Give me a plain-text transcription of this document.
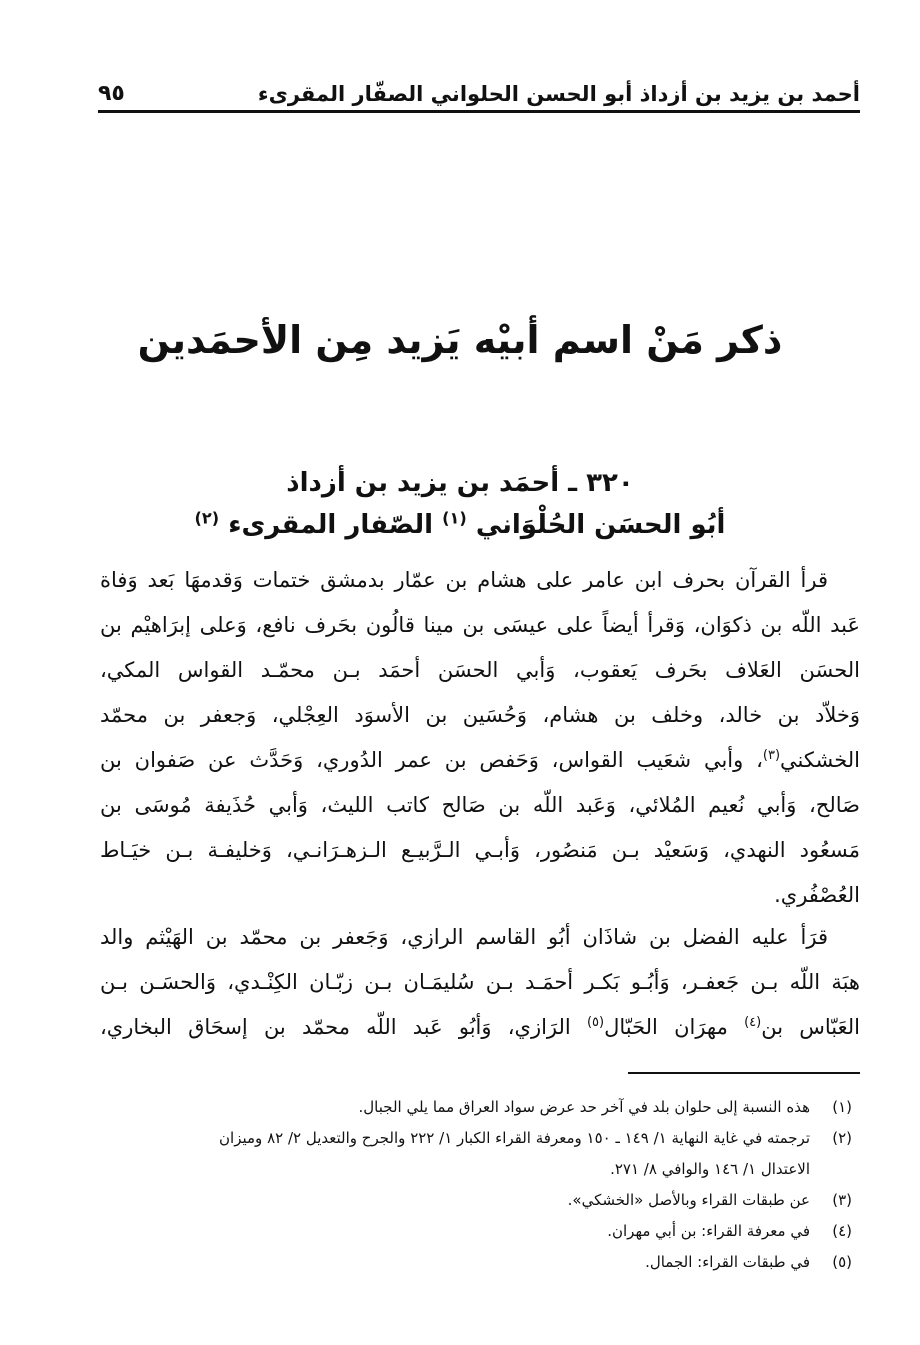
أحمد بن يزيد بن أزداذ أبو الحسن الحلواني الصفّار المقرىء
٩٥
ذكر مَنْ اسم أبيْه يَزيد مِن الأحمَدين
٣٢٠ ـ أحمَد بن يزيد بن أزداذ
أبُو الحسَن الحُلْوَاني $^{(١)}$ الصّفار المقرىء $^{(٢)}$
قرأ القرآن بحرف ابن عامر على هشام بن عمّار بدمشق ختمات وَقدمهَا بَعد وَفاة
عَبد اللّه بن ذكوَان، وَقرأ أيضاً على عيسَى بن مينا قالُون بحَرف نافع، وَعلى إبرَاهيْم بن
الحسَن العَلاف بحَرف يَعقوب، وَأبي الحسَن أحمَد بـن محمّـد القواس المكي،
وَخلاّد بن خالد، وخلف بن هشام، وَحُسَين بن الأسوَد العِجْلي، وَجعفر بن محمّد
الخشكني$^{(٣)}$، وأبي شعَيب القواس، وَحَفص بن عمر الدُوري، وَحَدَّث عن صَفوان بن
صَالح، وَأبي نُعيم المُلائي، وَعَبد اللّه بن صَالح كاتب الليث، وَأبي حُذَيفة مُوسَى بن
مَسعُود النهدي، وَسَعيْد بـن مَنصُور، وَأبـي الـرَّبيـع الـزهـرَانـي، وَخليفـة بـن خيَـاط
العُصْفُري.
قرَأ عليه الفضل بن شاذَان أبُو القاسم الرازي، وَجَعفر بن محمّد بن الهَيْثم والد
هبَة اللّه بـن جَعفـر، وَأبُـو بَكـر أحمَـد بـن سُليمَـان بـن زبّـان الكِنْـدي، وَالحسَـن بـن
العَبّاس بن$^{(٤)}$ مهرَان الحَبّال$^{(٥)}$ الرَازي، وَأبُو عَبد اللّه محمّد بن إسحَاق البخاري،
(١)
هذه النسبة إلى حلوان بلد في آخر حد عرض سواد العراق مما يلي الجبال.
(٢)
ترجمته في غاية النهاية ١/ ١٤٩ ـ ١٥٠ ومعرفة القراء الكبار ١/ ٢٢٢ والجرح والتعديل ٢/ ٨٢ وميزان
الاعتدال ١/ ١٤٦ والوافي ٨/ ٢٧١.
(٣)
عن طبقات القراء وبالأصل «الخشكي».
(٤)
في معرفة القراء: بن أبي مهران.
(٥)
في طبقات القراء: الجمال.
